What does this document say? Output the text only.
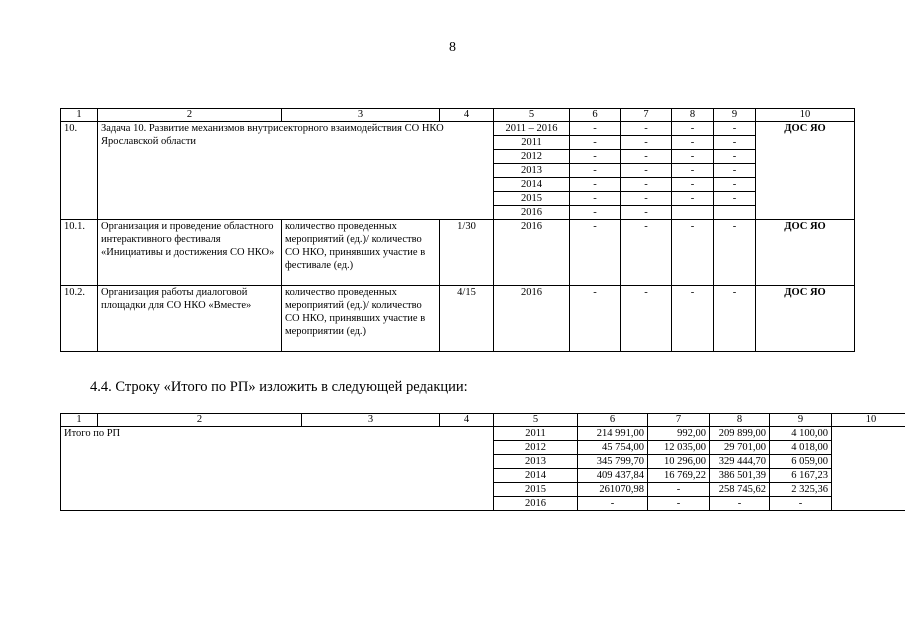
8
1	2	3	4	5	6	7	8	9	10
10.	Задача 10. Развитие механизмов внутрисекторного взаимодействия СО НКО Ярославской области			2011 – 2016	-	-	-	-	ДОС ЯО
				2011	-	-	-	-	
				2012	-	-	-	-	
				2013	-	-	-	-	
				2014	-	-	-	-	
				2015	-	-	-	-	
				2016	-	-			
10.1.	Организация и проведение областного интерактивного фестиваля «Инициативы и достижения СО НКО»	количество проведенных мероприятий (ед.)/ количество СО НКО, принявших участие в фестивале (ед.)	1/30	2016	-	-	-	-	ДОС ЯО
10.2.	Организация работы диалоговой площадки для СО НКО «Вместе»	количество проведенных мероприятий (ед.)/ количество СО НКО, принявших участие в мероприятии (ед.)	4/15	2016	-	-	-	-	ДОС ЯО
4.4. Строку «Итого по РП» изложить в следующей редакции:
1	2	3	4	5	6	7	8	9	10
Итого по РП				2011	214 991,00	992,00	209 899,00	4 100,00	
				2012	45 754,00	12 035,00	29 701,00	4 018,00	
				2013	345 799,70	10 296,00	329 444,70	6 059,00	
				2014	409 437,84	16 769,22	386 501,39	6 167,23	
				2015	261070,98	-	258 745,62	2 325,36	
				2016	-	-	-	-	
